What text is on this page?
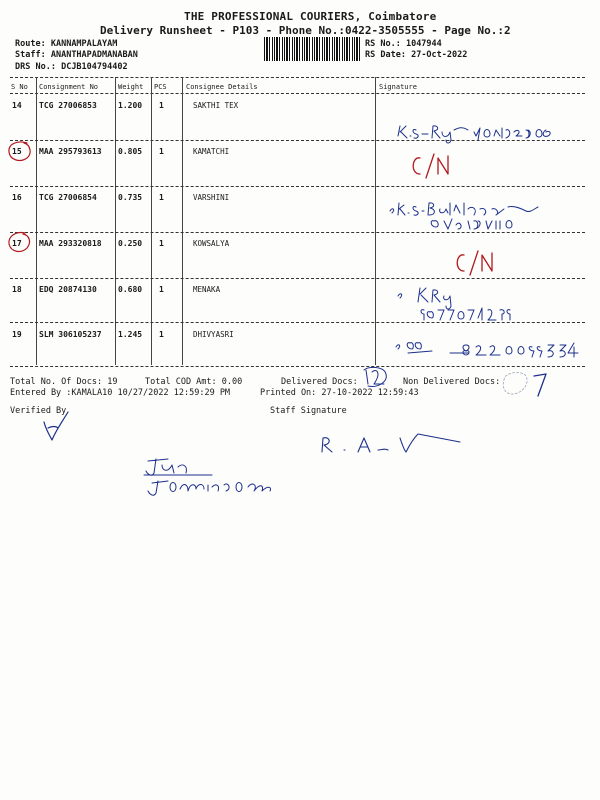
THE PROFESSIONAL COURIERS, Coimbatore
Delivery Runsheet - P103 - Phone No.:0422-3505555 - Page No.:2
Route: KANNAMPALAYAM
Staff: ANANTHAPADMANABAN
DRS No.: DCJB104794402
RS No.: 1047944
RS Date: 27-Oct-2022
S No Consignment No	Weight PCS	Consignee Details	Signature
14 TCG 27006853	1.200 1	SAKTHI TEX
15 MAA 295793613 0.805 1	KAMATCHI
16 TCG 27006854	0.735 1	VARSHINI
17 MAA 293320818 0.250 1	KOWSALYA
18 EDQ 20874130	0.680 1	MENAKA
19 SLM 306105237 1.245 1	DHIVYASRI
Total No. Of Docs: 19	Total COD Amt: 0.00	Delivered Docs:	Non Delivered Docs:
Entered By :KAMALA10 10/27/2022 12:59:29 PM	Printed On: 27-10-2022 12:59:43
Verified By	Staff Signature
